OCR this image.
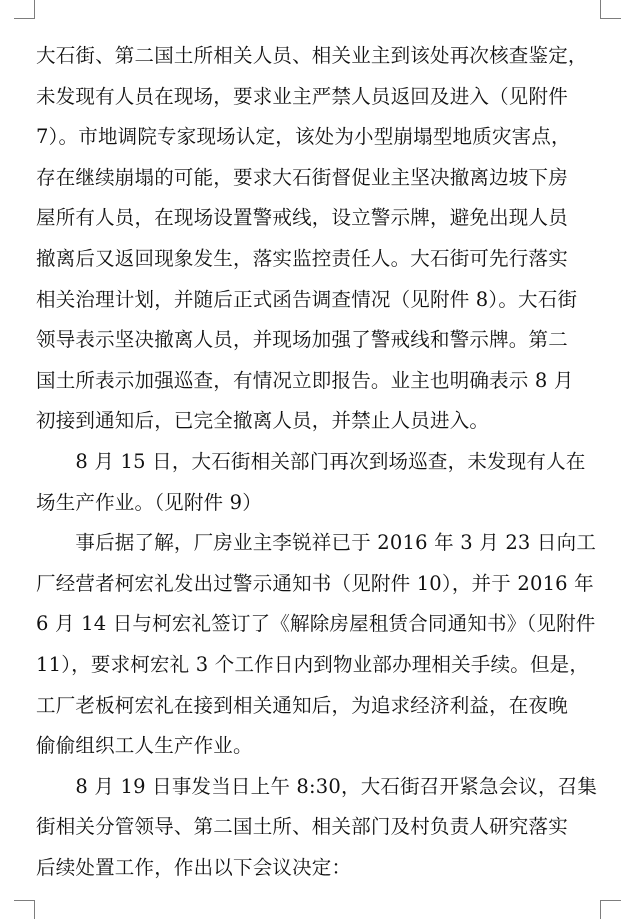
大石街、第二国土所相关人员、相关业主到该处再次核查鉴定，
未发现有人员在现场，要求业主严禁人员返回及进入（见附件
7）。市地调院专家现场认定，该处为小型崩塌型地质灾害点，
存在继续崩塌的可能，要求大石街督促业主坚决撤离边坡下房
屋所有人员，在现场设置警戒线，设立警示牌，避免出现人员
撤离后又返回现象发生，落实监控责任人。大石街可先行落实
相关治理计划，并随后正式函告调查情况（见附件 8）。大石街
领导表示坚决撤离人员，并现场加强了警戒线和警示牌。第二
国土所表示加强巡查，有情况立即报告。业主也明确表示 8 月
初接到通知后，已完全撤离人员，并禁止人员进入。
　　8 月 15 日，大石街相关部门再次到场巡查，未发现有人在
场生产作业。（见附件 9）
　　事后据了解，厂房业主李锐祥已于 2016 年 3 月 23 日向工
厂经营者柯宏礼发出过警示通知书（见附件 10），并于 2016 年
6 月 14 日与柯宏礼签订了《解除房屋租赁合同通知书》（见附件
11），要求柯宏礼 3 个工作日内到物业部办理相关手续。但是，
工厂老板柯宏礼在接到相关通知后，为追求经济利益，在夜晚
偷偷组织工人生产作业。
　　8 月 19 日事发当日上午 8:30，大石街召开紧急会议，召集
街相关分管领导、第二国土所、相关部门及村负责人研究落实
后续处置工作，作出以下会议决定：
